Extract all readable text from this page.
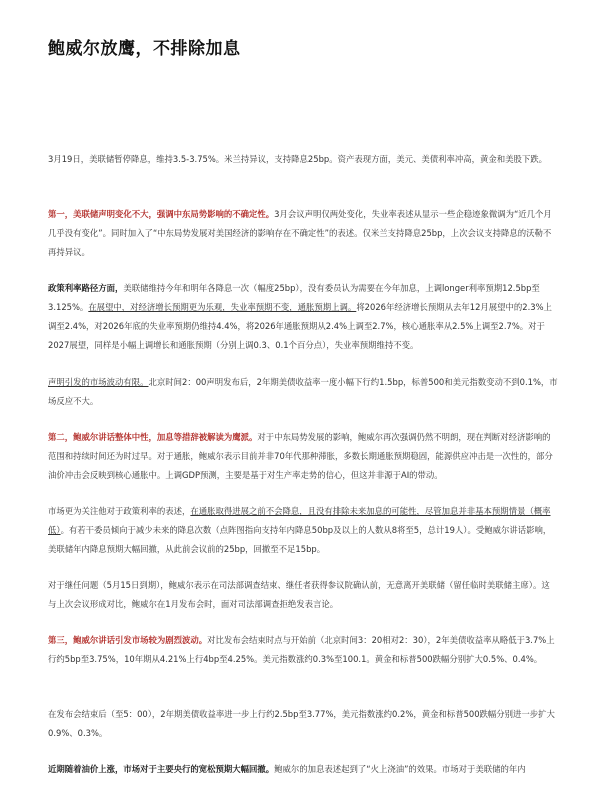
鲍威尔放鹰，不排除加息

3月19日，美联储暂停降息，维持3.5-3.75%。米兰持异议，支持降息25bp。资产表现方面，美元、美债利率冲高，黄金和美股下跌。

第一，美联储声明变化不大，强调中东局势影响的不确定性。3月会议声明仅两处变化，失业率表述从显示一些企稳迹象微调为“近几个月几乎没有变化”。同时加入了“中东局势发展对美国经济的影响存在不确定性”的表述。仅米兰支持降息25bp，上次会议支持降息的沃勒不再持异议。

政策利率路径方面，美联储维持今年和明年各降息一次（幅度25bp），没有委员认为需要在今年加息，上调longer利率预期12.5bp至3.125%。在展望中，对经济增长预期更为乐观，失业率预期不变，通胀预期上调。将2026年经济增长预期从去年12月展望中的2.3%上调至2.4%，对2026年底的失业率预期仍维持4.4%，将2026年通胀预期从2.4%上调至2.7%，核心通胀率从2.5%上调至2.7%。对于2027展望，同样是小幅上调增长和通胀预期（分别上调0.3、0.1个百分点），失业率预期维持不变。

声明引发的市场波动有限。北京时间2：00声明发布后，2年期美债收益率一度小幅下行约1.5bp，标普500和美元指数变动不到0.1%，市场反应不大。

第二，鲍威尔讲话整体中性，加息等措辞被解读为鹰派。对于中东局势发展的影响，鲍威尔再次强调仍然不明朗，现在判断对经济影响的范围和持续时间还为时过早。对于通胀，鲍威尔表示目前并非70年代那种滞胀，多数长期通胀预期稳固，能源供应冲击是一次性的，部分油价冲击会反映到核心通胀中。上调GDP预测，主要是基于对生产率走势的信心，但这并非源于AI的带动。

市场更为关注他对于政策利率的表述，在通胀取得进展之前不会降息，且没有排除未来加息的可能性，尽管加息并非基本预期情景（概率低）。有若干委员倾向于减少未来的降息次数（点阵图指向支持年内降息50bp及以上的人数从8将至5，总计19人）。受鲍威尔讲话影响，美联储年内降息预期大幅回撤，从此前会议前的25bp，回撤至不足15bp。

对于继任问题（5月15日到期），鲍威尔表示在司法部调查结束、继任者获得参议院确认前，无意离开美联储（留任临时美联储主席）。这与上次会议形成对比，鲍威尔在1月发布会时，面对司法部调查拒绝发表言论。

第三，鲍威尔讲话引发市场较为剧烈波动。对比发布会结束时点与开始前（北京时间3：20相对2：30），2年美债收益率从略低于3.7%上行约5bp至3.75%，10年期从4.21%上行4bp至4.25%。美元指数涨约0.3%至100.1。黄金和标普500跌幅分别扩大0.5%、0.4%。

在发布会结束后（至5：00），2年期美债收益率进一步上行约2.5bp至3.77%，美元指数涨约0.2%，黄金和标普500跌幅分别进一步扩大0.9%、0.3%。

近期随着油价上涨，市场对于主要央行的宽松预期大幅回撤。鲍威尔的加息表述起到了“火上浇油”的效果。市场对于美联储的年内
